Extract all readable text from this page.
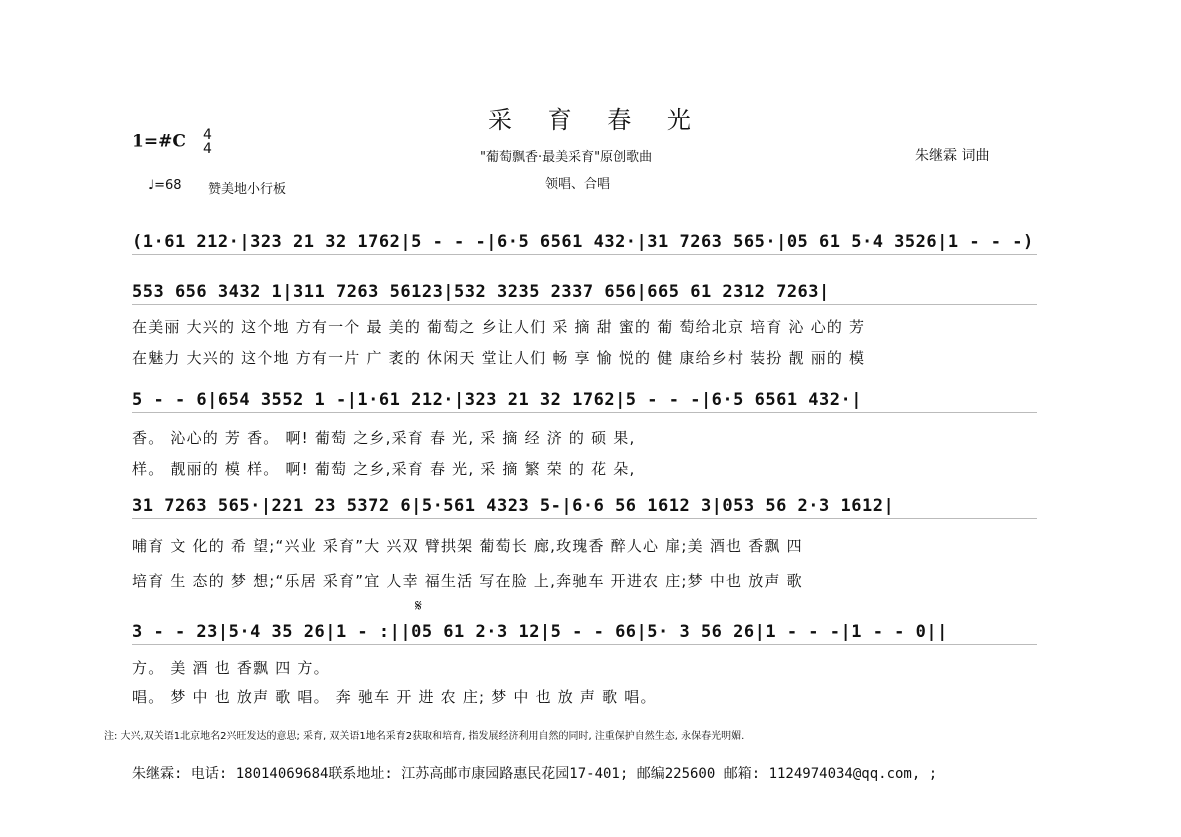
采 育 春 光
1=#C 4
4
"葡萄飘香·最美采育"原创歌曲	朱继霖 词曲
领唱、合唱
♩=68 赞美地小行板
(1·61 212·|323 21 32 1762|5 - - -|6·5 6561 432·|31 7263 565·|05 61 5·4 3526|1 - - -)
553 656 3432 1|311 7263 56123|532 3235 2337 656|665 61 2312 7263|
在美丽 大兴的 这个地 方有一个 最 美的 葡萄之 乡让人们 采 摘 甜 蜜的 葡 萄给北京 培育 沁 心的 芳
在魅力 大兴的 这个地 方有一片 广 袤的 休闲天 堂让人们 畅 享 愉 悦的 健 康给乡村 装扮 靓 丽的 模
5 - - 6|654 3552 1 -|1·61 212·|323 21 32 1762|5 - - -|6·5 6561 432·|
香。 沁心的 芳 香。 啊! 葡萄 之乡,采育 春 光, 采 摘 经 济 的 硕 果,
样。 靓丽的 模 样。 啊! 葡萄 之乡,采育 春 光, 采 摘 繁 荣 的 花 朵,
31 7263 565·|221 23 5372 6|5·561 4323 5-|6·6 56 1612 3|053 56 2·3 1612|
哺育 文 化的 希 望;“兴业 采育”大 兴双 臂拱架 葡萄长 廊,玫瑰香 醉人心 扉;美 酒也 香飘 四
培育 生 态的 梦 想;“乐居 采育”宜 人幸 福生活 写在脸 上,奔驰车 开进农 庄;梦 中也 放声 歌
𝄋
3 - - 23|5·4 35 26|1 - :||05 61 2·3 12|5 - - 66|5· 3 56 26|1 - - -|1 - - 0||
方。 美 酒 也 香飘 四 方。
唱。 梦 中 也 放声 歌 唱。 奔 驰车 开 进 农 庄; 梦 中 也 放 声 歌 唱。
注: 大兴,双关语1北京地名2兴旺发达的意思; 采育, 双关语1地名采育2获取和培育, 指发展经济利用自然的同时, 注重保护自然生态, 永保春光明媚.
朱继霖: 电话: 18014069684联系地址: 江苏高邮市康园路惠民花园17-401; 邮编225600 邮箱: 1124974034@qq.com, ;
